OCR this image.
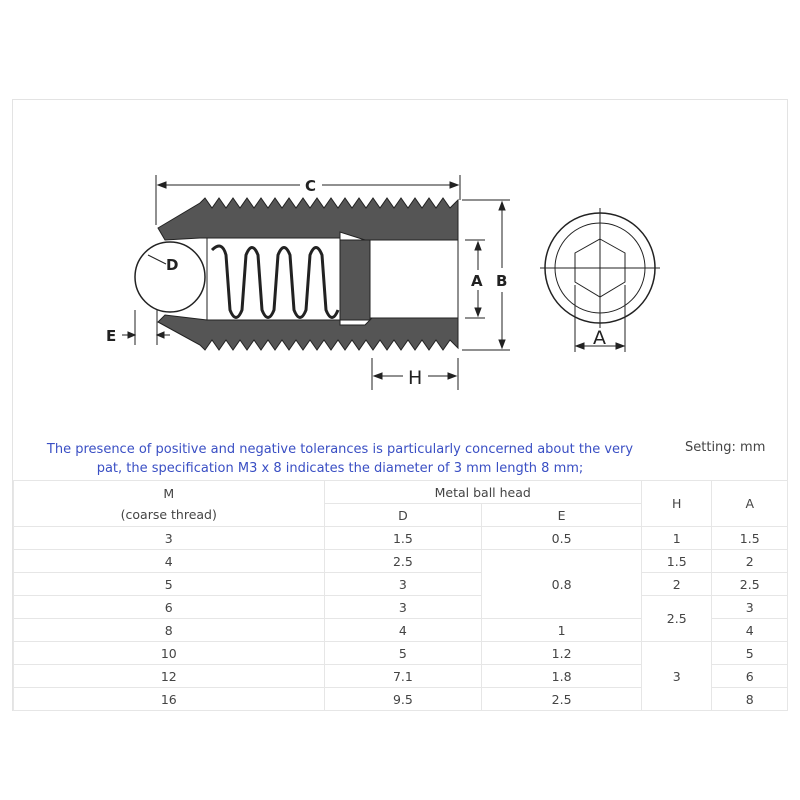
D
C
E
A B
H
A
The presence of positive and negative tolerances is particularly concerned about the very
pat, the specification M3 x 8 indicates the diameter of 3 mm length 8 mm;
Setting: mm
M
(coarse thread)	Metal ball head		H	A
	D	E		
3	1.5	0.5	1	1.5
4	2.5	0.8	1.5	2
5	3		2	2.5
6	3		2.5	3
8	4	1		4
10	5	1.2	3	5
12	7.1	1.8		6
16	9.5	2.5		8
